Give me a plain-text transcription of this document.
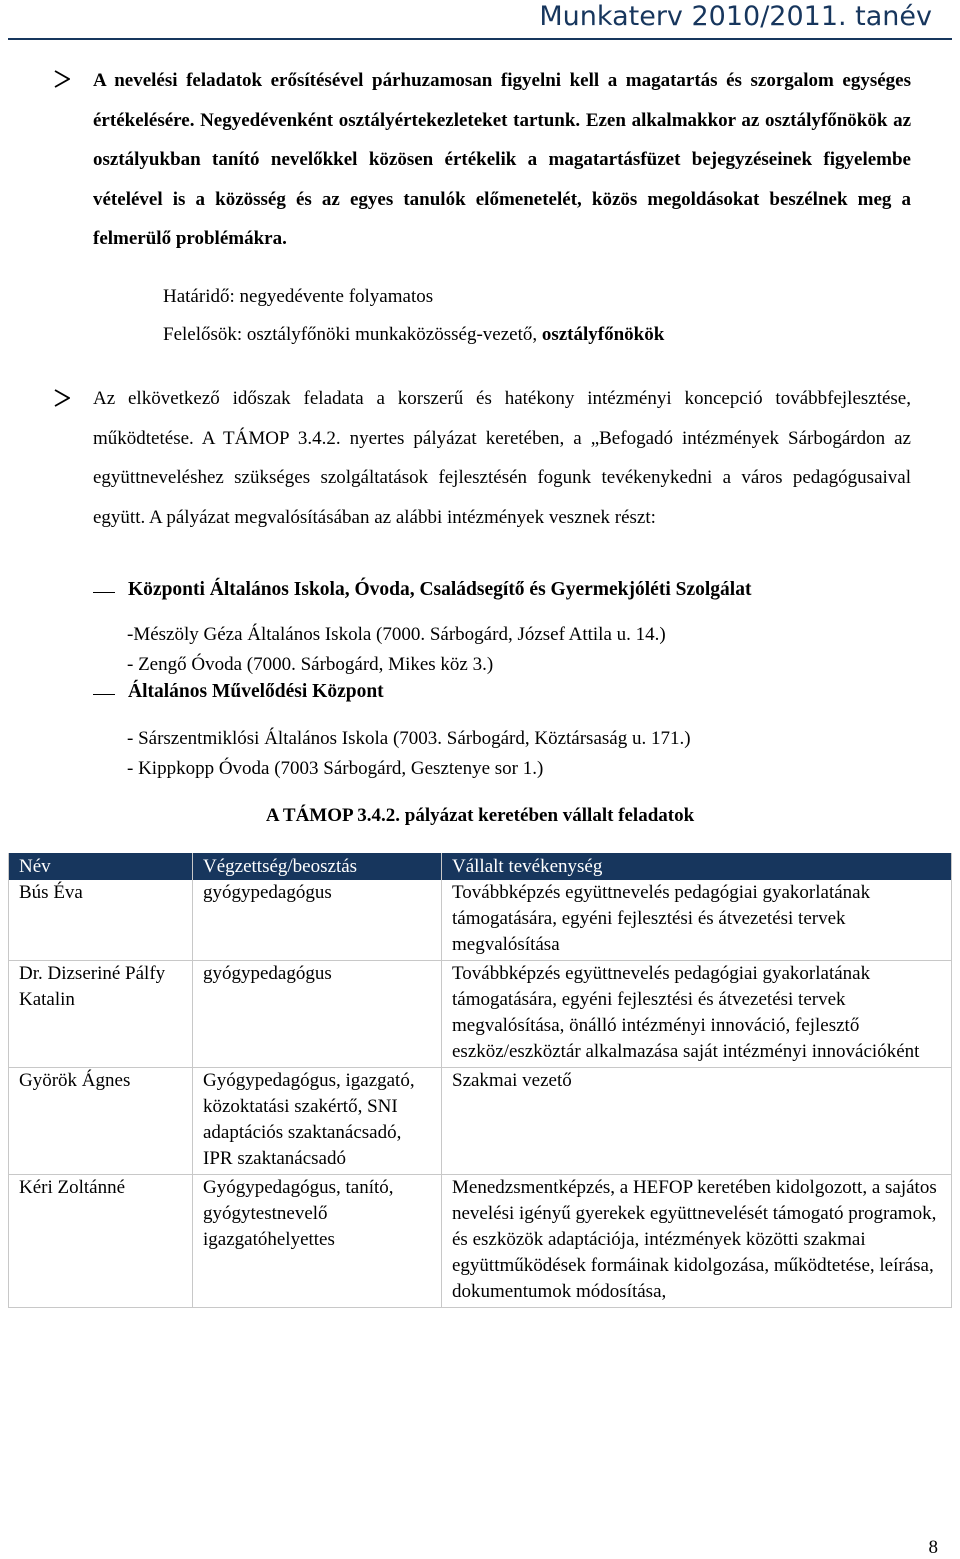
Munkaterv 2010/2011. tanév
A nevelési feladatok erősítésével párhuzamosan figyelni kell a magatartás és szorgalom egységes értékelésére. Negyedévenként osztályértekezleteket tartunk. Ezen alkalmakkor az osztályfőnökök az osztályukban tanító nevelőkkel közösen értékelik a magatartásfüzet bejegyzéseinek figyelembe vételével is a közösség és az egyes tanulók előmenetelét, közös megoldásokat beszélnek meg a felmerülő problémákra.
Határidő: negyedévente folyamatos
Felelősök: osztályfőnöki munkaközösség-vezető, osztályfőnökök
Az elkövetkező időszak feladata a korszerű és hatékony intézményi koncepció továbbfejlesztése, működtetése. A TÁMOP 3.4.2. nyertes pályázat keretében, a „Befogadó intézmények Sárbogárdon az együttneveléshez szükséges szolgáltatások fejlesztésén fogunk tevékenykedni a város pedagógusaival együtt. A pályázat megvalósításában az alábbi intézmények vesznek részt:
Központi Általános Iskola, Óvoda, Családsegítő és Gyermekjóléti Szolgálat
-Mészöly Géza Általános Iskola (7000. Sárbogárd, József Attila u. 14.)
- Zengő Óvoda (7000. Sárbogárd, Mikes köz 3.)
Általános Művelődési Központ
- Sárszentmiklósi Általános Iskola (7003. Sárbogárd, Köztársaság u. 171.)
- Kippkopp Óvoda (7003 Sárbogárd, Gesztenye sor 1.)
A TÁMOP 3.4.2. pályázat keretében vállalt feladatok
Név	Végzettség/beosztás	Vállalt tevékenység
Bús Éva	gyógypedagógus	Továbbképzés együttnevelés pedagógiai gyakorlatának támogatására, egyéni fejlesztési és átvezetési tervek megvalósítása
Dr. Dizseriné Pálfy Katalin	gyógypedagógus	Továbbképzés együttnevelés pedagógiai gyakorlatának támogatására, egyéni fejlesztési és átvezetési tervek megvalósítása, önálló intézményi innováció, fejlesztő eszköz/eszköztár alkalmazása saját intézményi innovációként
Györök Ágnes	Gyógypedagógus, igazgató, közoktatási szakértő, SNI adaptációs szaktanácsadó, IPR szaktanácsadó	Szakmai vezető
Kéri Zoltánné	Gyógypedagógus, tanító, gyógytestnevelő igazgatóhelyettes	Menedzsmentképzés, a HEFOP keretében kidolgozott, a sajátos nevelési igényű gyerekek együttnevelését támogató programok, és eszközök adaptációja, intézmények közötti szakmai együttműködések formáinak kidolgozása, működtetése, leírása, dokumentumok módosítása,
8
